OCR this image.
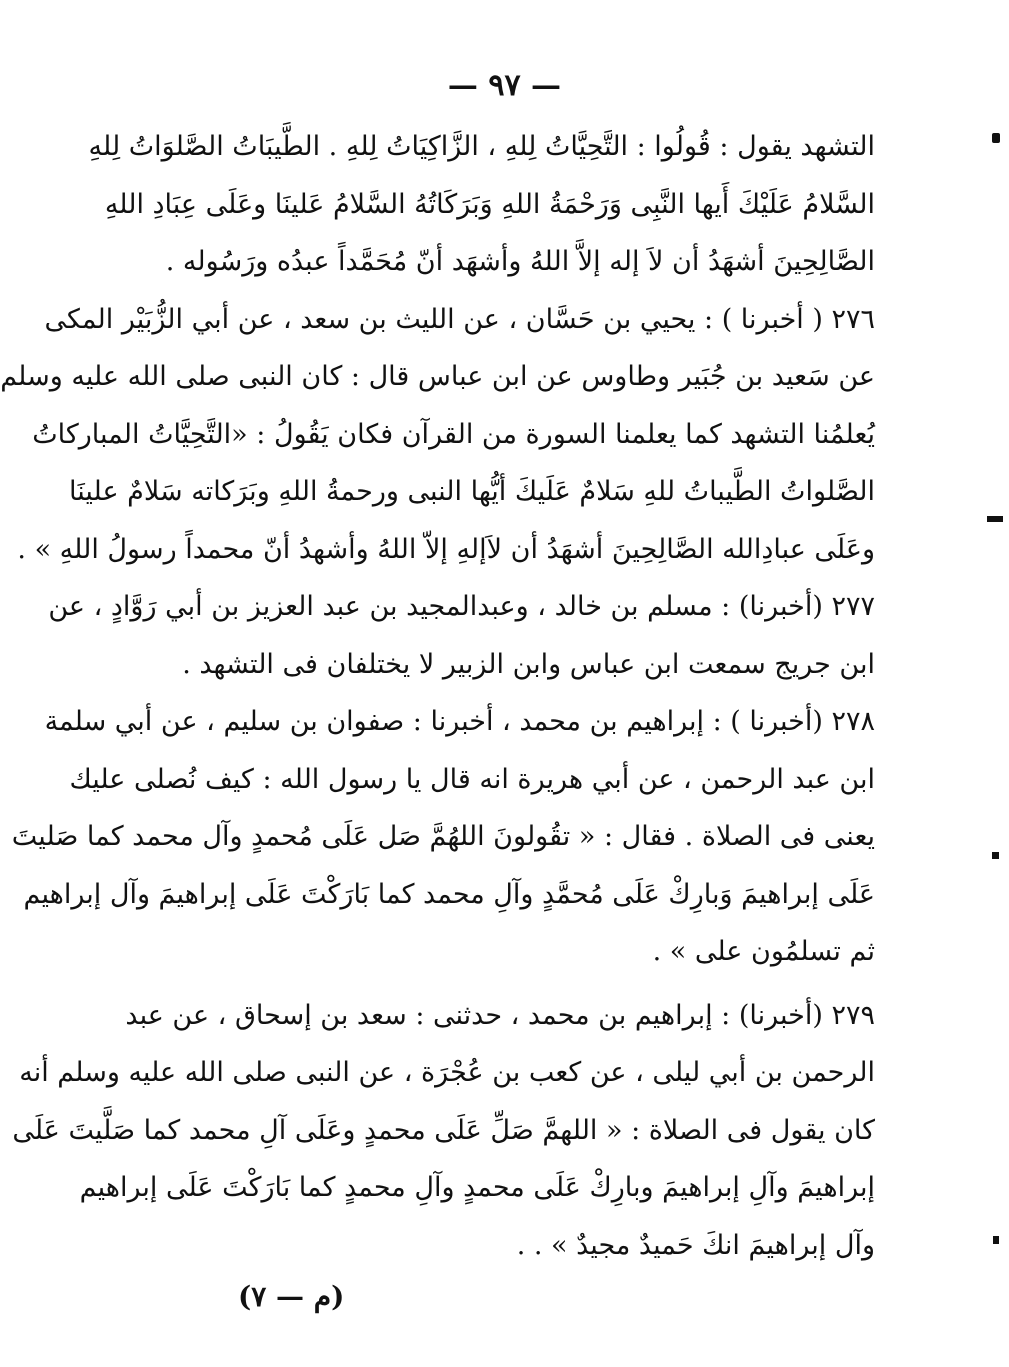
— ٩٧ —
التشهد يقول : قُولُوا : التَّحِيَّاتُ لِلهِ ، الزَّاكِيَاتُ لِلهِ . الطَّيبَاتُ الصَّلوَاتُ لِلهِ
السَّلامُ عَلَيْكَ أَيها النَّبِى وَرَحْمَةُ اللهِ وَبَرَكَاتُهُ السَّلامُ عَلينَا وعَلَى عِبَادِ اللهِ
الصَّالِحِينَ أشهَدُ أن لاَ إله إلاَّ اللهُ وأشهَد أنّ مُحَمَّداً عبدُه ورَسُوله .
٢٧٦ ( أخبرنا ) : يحيي بن حَسَّان ، عن الليث بن سعد ، عن أبي الزُّبَيْر المكى
عن سَعيد بن جُبَير وطاوس عن ابن عباس قال : كان النبى صلى الله عليه وسلم
يُعلمُنا التشهد كما يعلمنا السورة من القرآن فكان يَقُولُ : «التَّحِيَّاتُ المباركاتُ
الصَّلواتُ الطَّيباتُ للهِ سَلامٌ عَلَيكَ أيُّها النبى ورحمةُ اللهِ وبَرَكاته سَلامٌ علينَا
وعَلَى عبادِالله الصَّالِحِينَ أشهَدُ أن لاَإلهِ إلاّ اللهُ وأشهدُ أنّ محمداً رسولُ اللهِ » .
٢٧٧ (أخبرنا) : مسلم بن خالد ، وعبدالمجيد بن عبد العزيز بن أبي رَوَّادٍ ، عن
ابن جريج سمعت ابن عباس وابن الزبير لا يختلفان فى التشهد .
٢٧٨ (أخبرنا ) : إبراهيم بن محمد ، أخبرنا : صفوان بن سليم ، عن أبي سلمة
ابن عبد الرحمن ، عن أبي هريرة انه قال يا رسول الله : كيف نُصلى عليك
يعنى فى الصلاة . فقال : « تقُولونَ اللهُمَّ صَل عَلَى مُحمدٍ وآل محمد كما صَليتَ
عَلَى إبراهيمَ وَبارِكْ عَلَى مُحمَّدٍ وآلِ محمد كما بَارَكْتَ عَلَى إبراهيمَ وآل إبراهيم
ثم تسلمُون على » .
٢٧٩ (أخبرنا) : إبراهيم بن محمد ، حدثنى : سعد بن إسحاق ، عن عبد
الرحمن بن أبي ليلى ، عن كعب بن عُجْرَة ، عن النبى صلى الله عليه وسلم أنه
كان يقول فى الصلاة : « اللهمَّ صَلِّ عَلَى محمدٍ وعَلَى آلِ محمد كما صَلَّيتَ عَلَى
إبراهيمَ وآلِ إبراهيمَ وبارِكْ عَلَى محمدٍ وآلِ محمدٍ كما بَارَكْتَ عَلَى إبراهيم
وآل إبراهيمَ انكَ حَميدٌ مجيدٌ » . .
(م — ٧)
